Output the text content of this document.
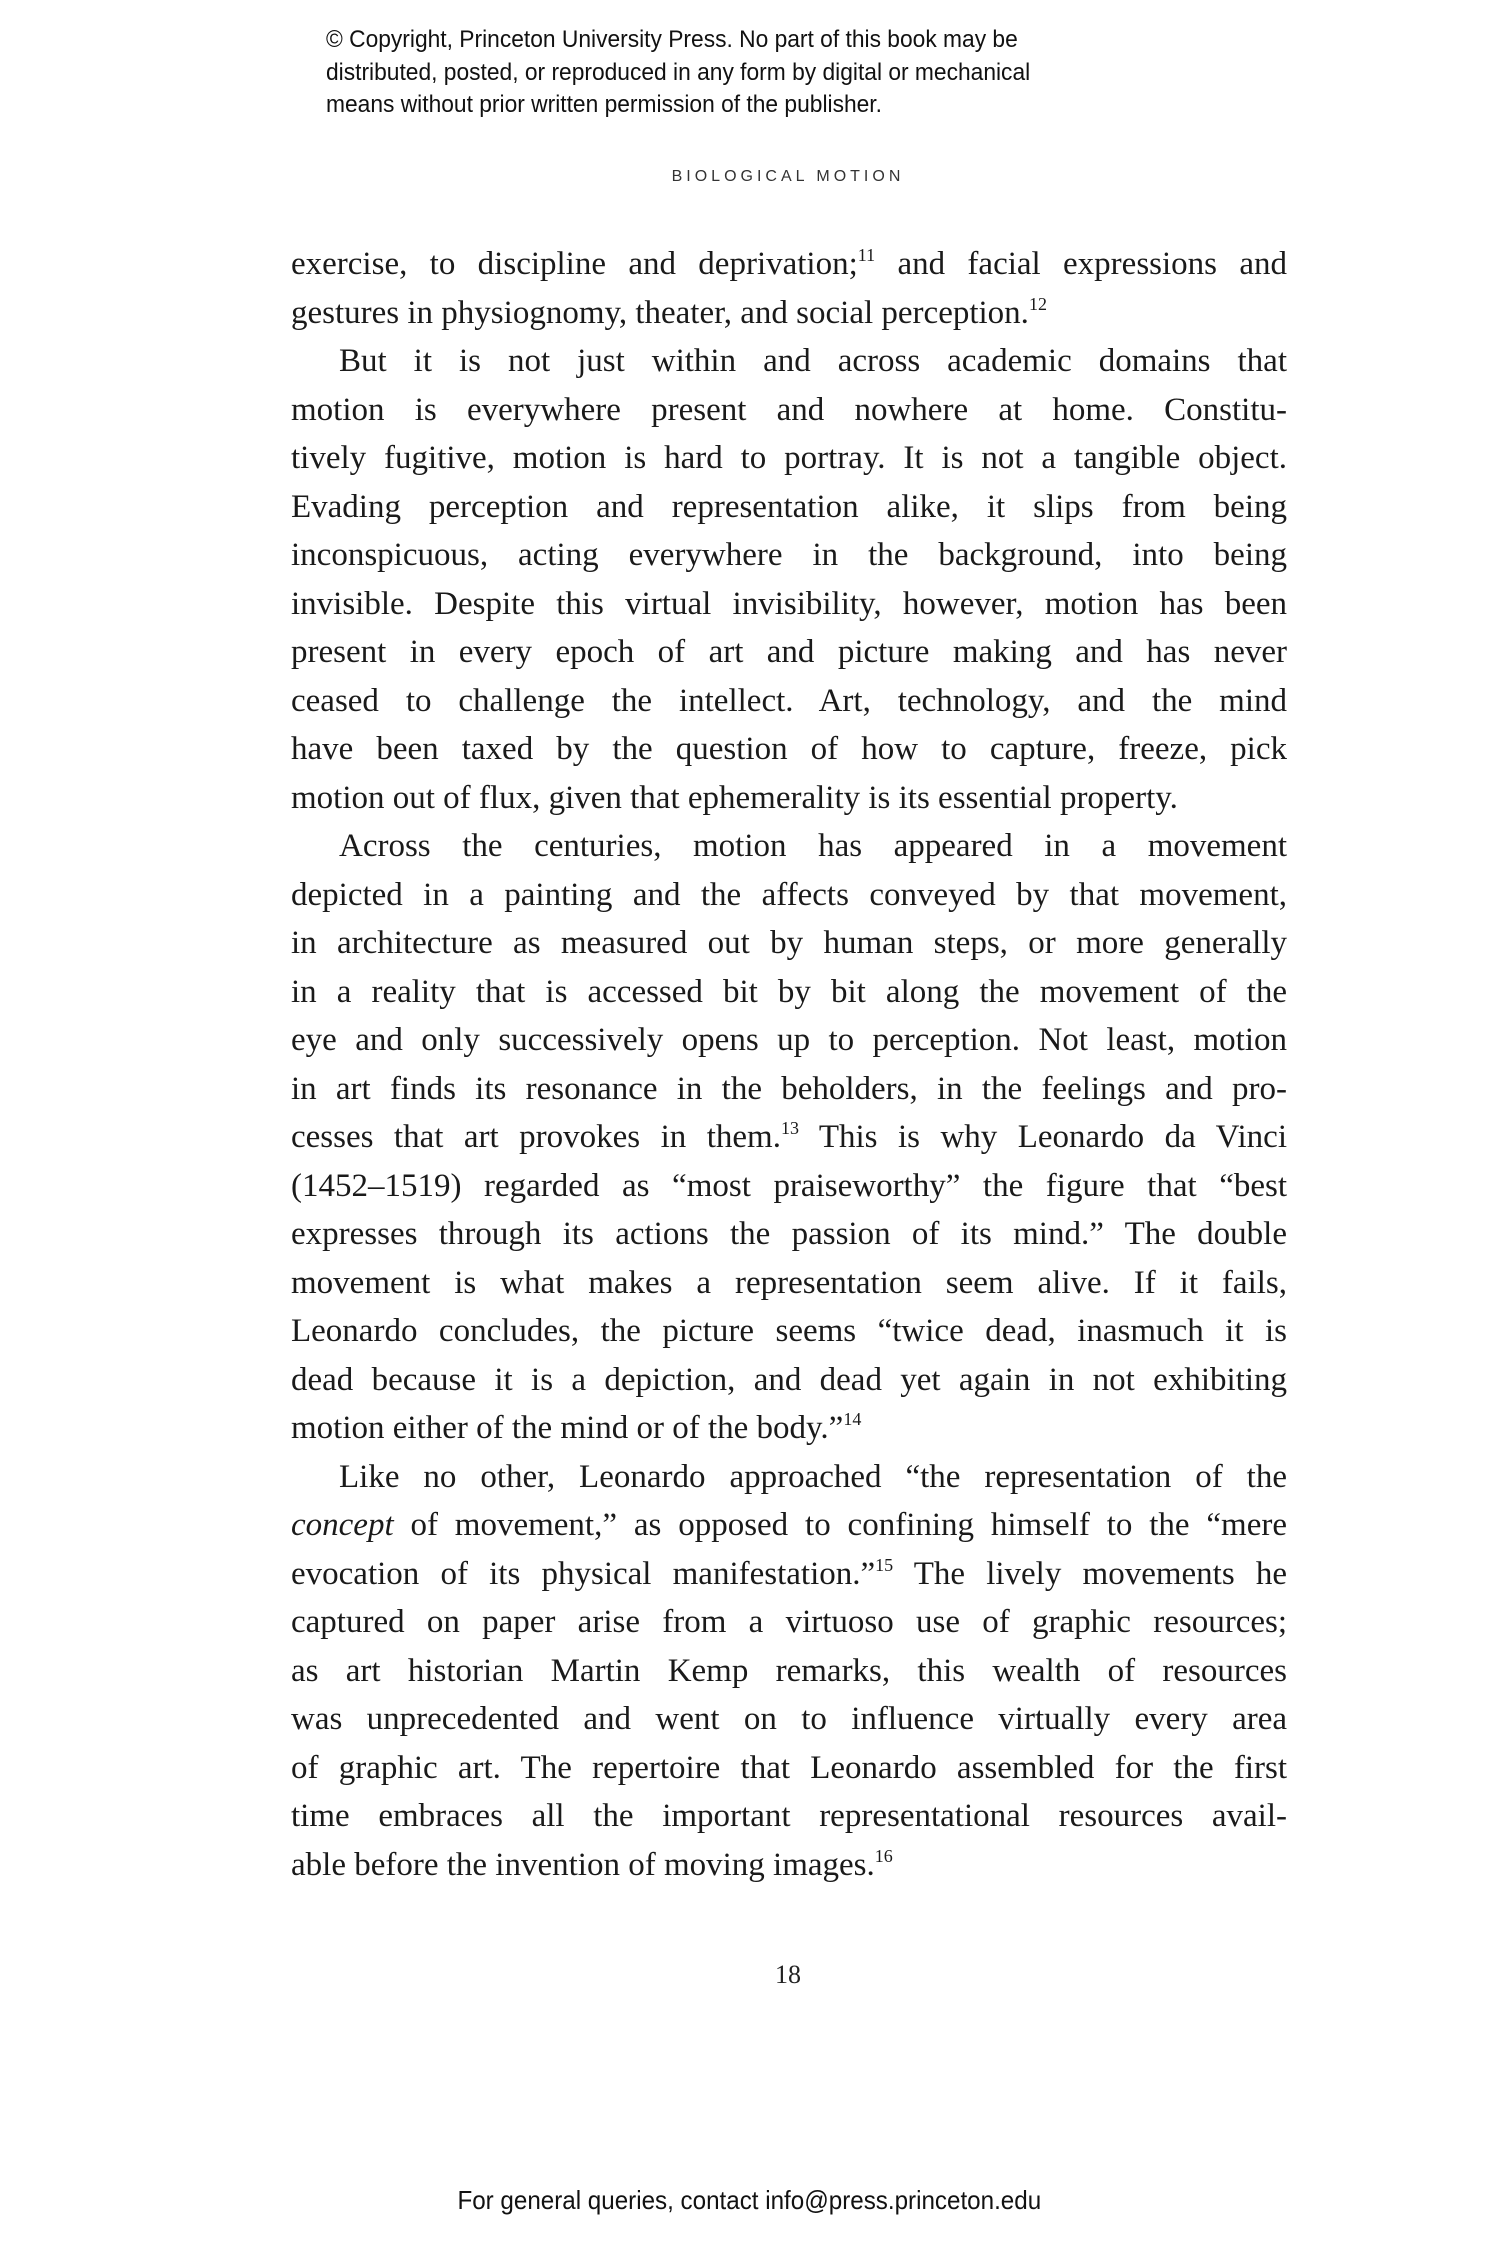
© Copyright, Princeton University Press. No part of this book may be
distributed, posted, or reproduced in any form by digital or mechanical
means without prior written permission of the publisher.
BIOLOGICAL MOTION
exercise, to discipline and deprivation;$^{11}$ and facial expressions and
gestures in physiognomy, theater, and social perception.$^{12}$
But it is not just within and across academic domains that
motion is everywhere present and nowhere at home. Constitu-
tively fugitive, motion is hard to portray. It is not a tangible object.
Evading perception and representation alike, it slips from being
inconspicuous, acting everywhere in the background, into being
invisible. Despite this virtual invisibility, however, motion has been
present in every epoch of art and picture making and has never
ceased to challenge the intellect. Art, technology, and the mind
have been taxed by the question of how to capture, freeze, pick
motion out of flux, given that ephemerality is its essential property.
Across the centuries, motion has appeared in a movement
depicted in a painting and the affects conveyed by that movement,
in architecture as measured out by human steps, or more generally
in a reality that is accessed bit by bit along the movement of the
eye and only successively opens up to perception. Not least, motion
in art finds its resonance in the beholders, in the feelings and pro-
cesses that art provokes in them.$^{13}$ This is why Leonardo da Vinci
(1452–1519) regarded as “most praiseworthy” the figure that “best
expresses through its actions the passion of its mind.” The double
movement is what makes a representation seem alive. If it fails,
Leonardo concludes, the picture seems “twice dead, inasmuch it is
dead because it is a depiction, and dead yet again in not exhibiting
motion either of the mind or of the body.”$^{14}$
Like no other, Leonardo approached “the representation of the
concept of movement,” as opposed to confining himself to the “mere
evocation of its physical manifestation.”$^{15}$ The lively movements he
captured on paper arise from a virtuoso use of graphic resources;
as art historian Martin Kemp remarks, this wealth of resources
was unprecedented and went on to influence virtually every area
of graphic art. The repertoire that Leonardo assembled for the first
time embraces all the important representational resources avail-
able before the invention of moving images.$^{16}$
18
For general queries, contact info@press.princeton.edu
